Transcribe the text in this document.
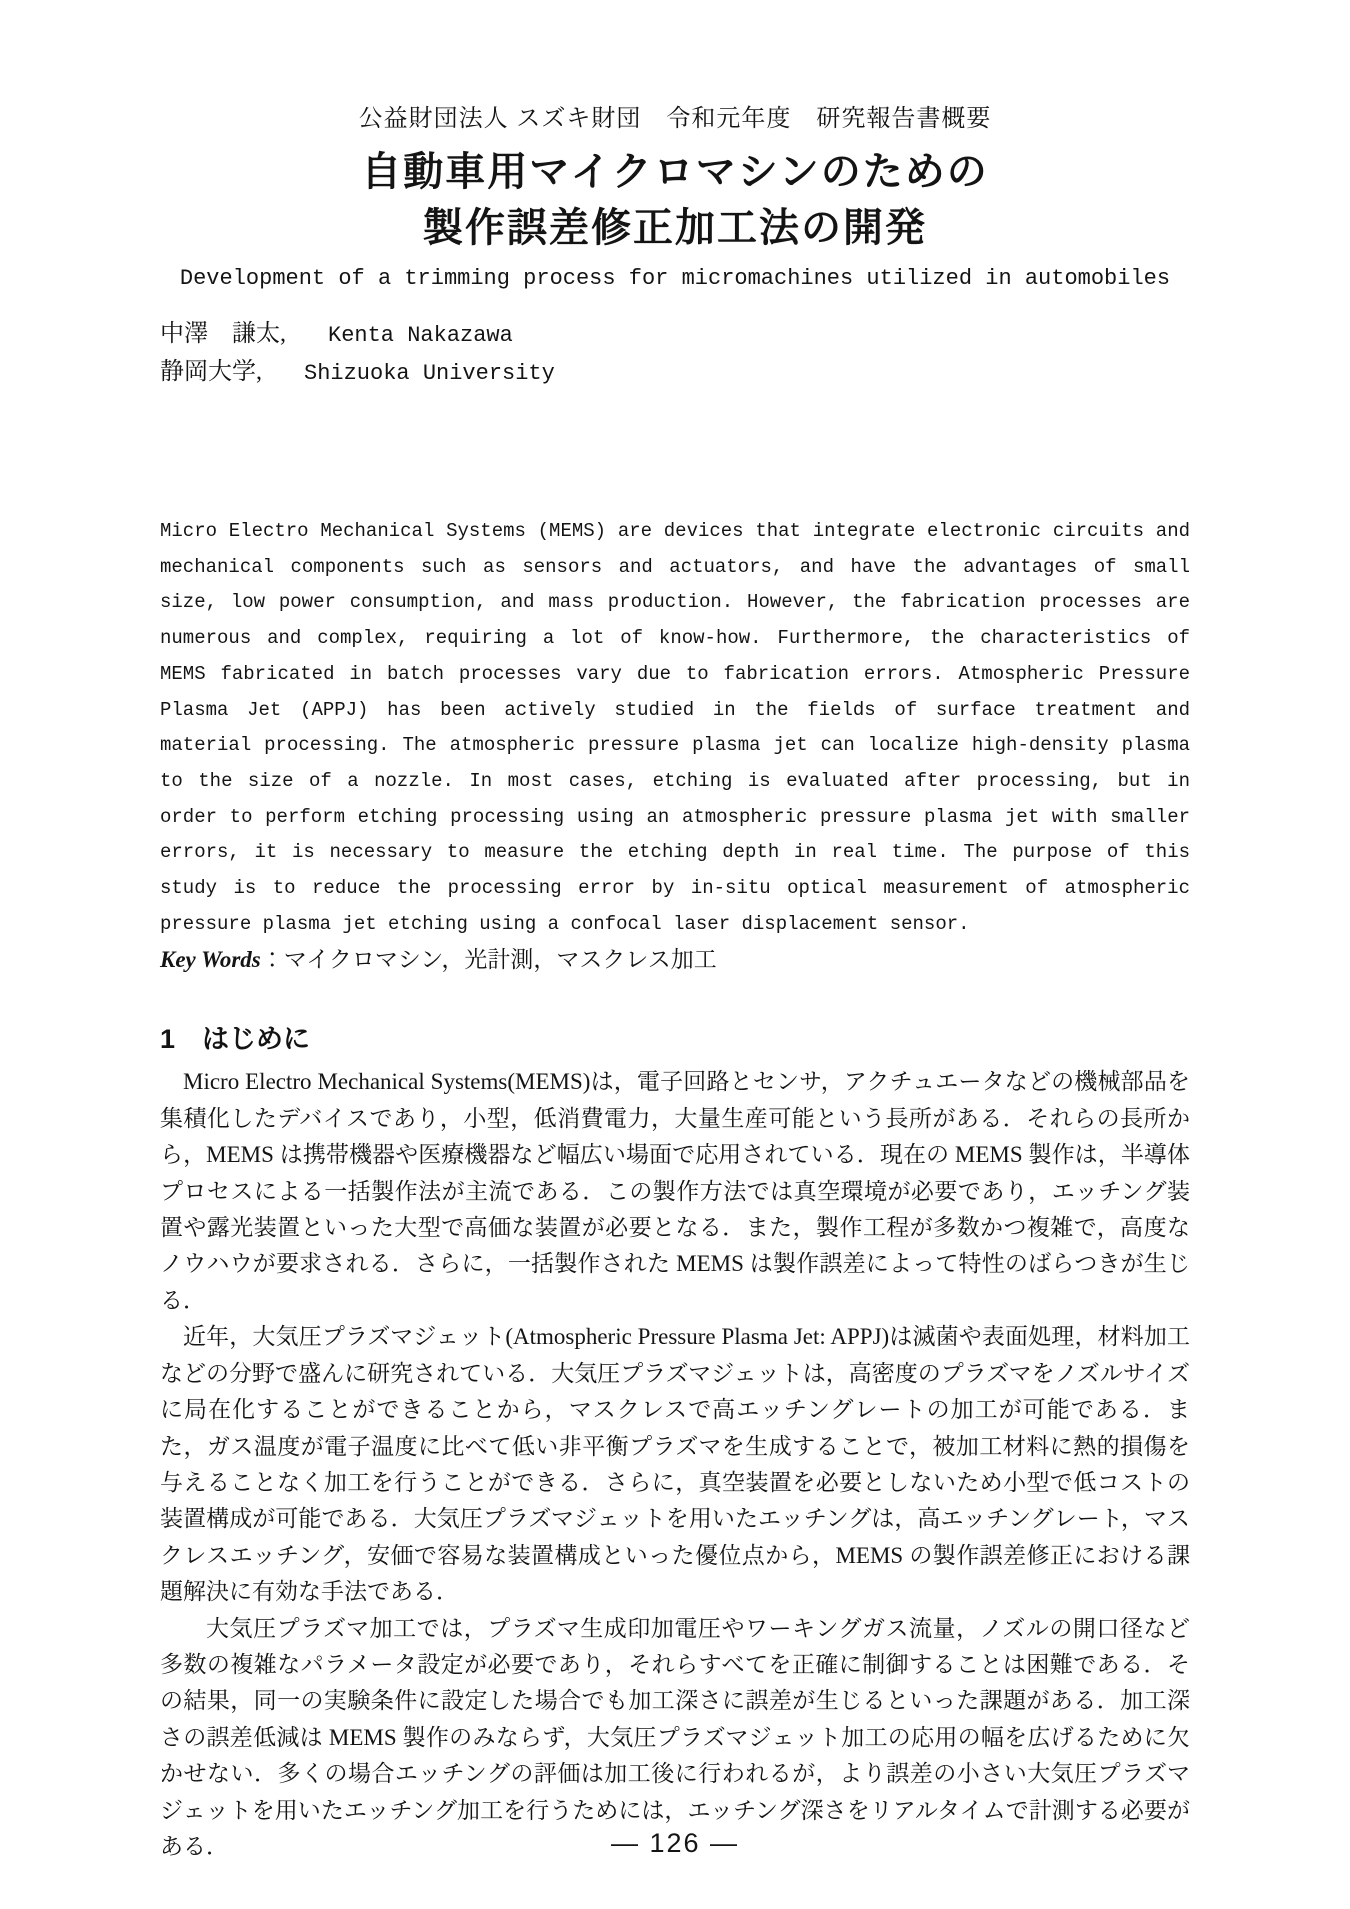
公益財団法人 スズキ財団　令和元年度　研究報告書概要
自動車用マイクロマシンのための
製作誤差修正加工法の開発
Development of a trimming process for micromachines utilized in automobiles
中澤　謙太, Kenta Nakazawa
静岡大学, Shizuoka University

Micro Electro Mechanical Systems (MEMS) are devices that integrate electronic circuits and mechanical components such as sensors and actuators, and have the advantages of small size, low power consumption, and mass production. However, the fabrication processes are numerous and complex, requiring a lot of know-how. Furthermore, the characteristics of MEMS fabricated in batch processes vary due to fabrication errors. Atmospheric Pressure Plasma Jet (APPJ) has been actively studied in the fields of surface treatment and material processing. The atmospheric pressure plasma jet can localize high-density plasma to the size of a nozzle. In most cases, etching is evaluated after processing, but in order to perform etching processing using an atmospheric pressure plasma jet with smaller errors, it is necessary to measure the etching depth in real time. The purpose of this study is to reduce the processing error by in-situ optical measurement of atmospheric pressure plasma jet etching using a confocal laser displacement sensor.

Key Words：マイクロマシン，光計測，マスクレス加工

1　はじめに

Micro Electro Mechanical Systems(MEMS)は，電子回路とセンサ，アクチュエータなどの機械部品を集積化したデバイスであり，小型，低消費電力，大量生産可能という長所がある．それらの長所から，MEMS は携帯機器や医療機器など幅広い場面で応用されている．現在の MEMS 製作は，半導体プロセスによる一括製作法が主流である．この製作方法では真空環境が必要であり，エッチング装置や露光装置といった大型で高価な装置が必要となる．また，製作工程が多数かつ複雑で，高度なノウハウが要求される．さらに，一括製作された MEMS は製作誤差によって特性のばらつきが生じる．

近年，大気圧プラズマジェット(Atmospheric Pressure Plasma Jet: APPJ)は滅菌や表面処理，材料加工などの分野で盛んに研究されている．大気圧プラズマジェットは，高密度のプラズマをノズルサイズに局在化することができることから，マスクレスで高エッチングレートの加工が可能である．また，ガス温度が電子温度に比べて低い非平衡プラズマを生成することで，被加工材料に熱的損傷を与えることなく加工を行うことができる．さらに，真空装置を必要としないため小型で低コストの装置構成が可能である．大気圧プラズマジェットを用いたエッチングは，高エッチングレート，マスクレスエッチング，安価で容易な装置構成といった優位点から，MEMS の製作誤差修正における課題解決に有効な手法である．

大気圧プラズマ加工では，プラズマ生成印加電圧やワーキングガス流量，ノズルの開口径など多数の複雑なパラメータ設定が必要であり，それらすべてを正確に制御することは困難である．その結果，同一の実験条件に設定した場合でも加工深さに誤差が生じるといった課題がある．加工深さの誤差低減は MEMS 製作のみならず，大気圧プラズマジェット加工の応用の幅を広げるために欠かせない．多くの場合エッチングの評価は加工後に行われるが，より誤差の小さい大気圧プラズマジェットを用いたエッチング加工を行うためには，エッチング深さをリアルタイムで計測する必要がある．	― 126 ―
